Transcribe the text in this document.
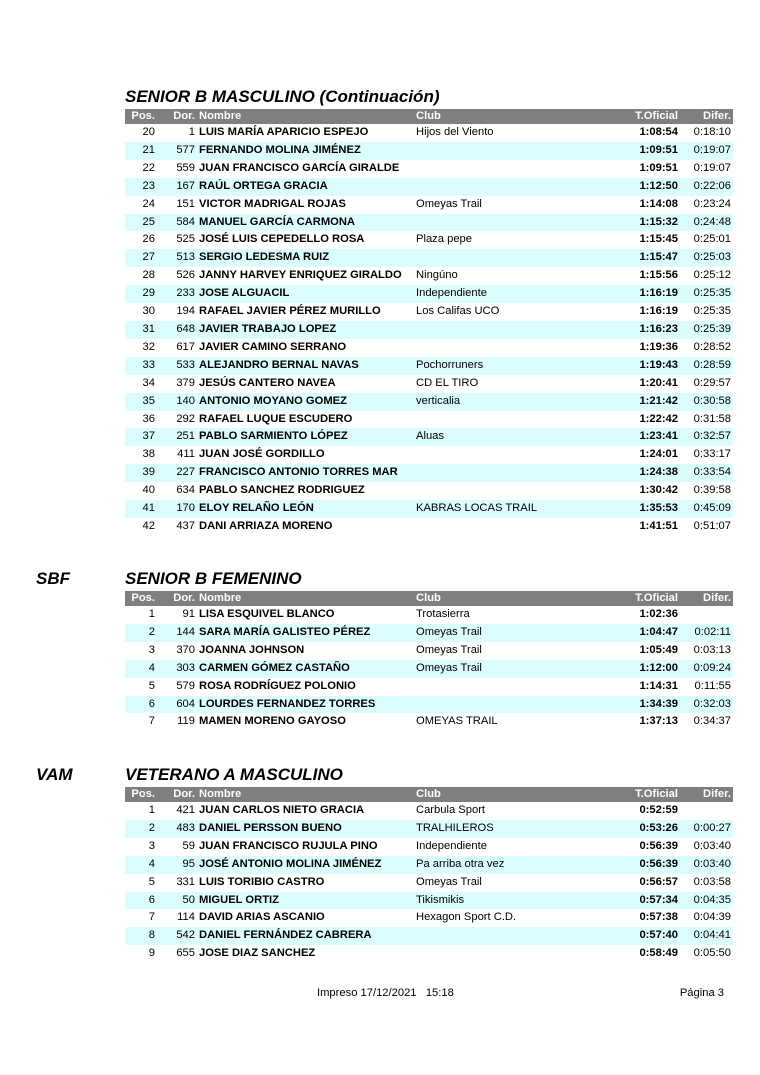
SENIOR B MASCULINO (Continuación)
Pos.	Dor.	Nombre	Club	T.Oficial	Difer.
20	1	LUIS MARÍA APARICIO ESPEJO	Hijos del Viento	1:08:54	0:18:10
21	577	FERNANDO MOLINA JIMÉNEZ		1:09:51	0:19:07
22	559	JUAN FRANCISCO GARCÍA GIRALDE		1:09:51	0:19:07
23	167	RAÚL ORTEGA GRACIA		1:12:50	0:22:06
24	151	VICTOR MADRIGAL ROJAS	Omeyas Trail	1:14:08	0:23:24
25	584	MANUEL GARCÍA CARMONA		1:15:32	0:24:48
26	525	JOSÉ LUIS CEPEDELLO ROSA	Plaza pepe	1:15:45	0:25:01
27	513	SERGIO LEDESMA RUIZ		1:15:47	0:25:03
28	526	JANNY HARVEY ENRIQUEZ GIRALDO	Ningúno	1:15:56	0:25:12
29	233	JOSE ALGUACIL	Independiente	1:16:19	0:25:35
30	194	RAFAEL JAVIER PÉREZ MURILLO	Los Califas UCO	1:16:19	0:25:35
31	648	JAVIER TRABAJO LOPEZ		1:16:23	0:25:39
32	617	JAVIER CAMINO SERRANO		1:19:36	0:28:52
33	533	ALEJANDRO BERNAL NAVAS	Pochorruners	1:19:43	0:28:59
34	379	JESÚS CANTERO NAVEA	CD EL TIRO	1:20:41	0:29:57
35	140	ANTONIO MOYANO GOMEZ	verticalia	1:21:42	0:30:58
36	292	RAFAEL LUQUE ESCUDERO		1:22:42	0:31:58
37	251	PABLO SARMIENTO LÓPEZ	Aluas	1:23:41	0:32:57
38	411	JUAN JOSÉ GORDILLO		1:24:01	0:33:17
39	227	FRANCISCO ANTONIO TORRES MAR		1:24:38	0:33:54
40	634	PABLO SANCHEZ RODRIGUEZ		1:30:42	0:39:58
41	170	ELOY RELAÑO LEÓN	KABRAS LOCAS TRAIL	1:35:53	0:45:09
42	437	DANI ARRIAZA MORENO		1:41:51	0:51:07
SBF	SENIOR B FEMENINO
Pos.	Dor.	Nombre	Club	T.Oficial	Difer.
1	91	LISA ESQUIVEL BLANCO	Trotasierra	1:02:36	
2	144	SARA MARÍA GALISTEO PÉREZ	Omeyas Trail	1:04:47	0:02:11
3	370	JOANNA JOHNSON	Omeyas Trail	1:05:49	0:03:13
4	303	CARMEN GÓMEZ CASTAÑO	Omeyas Trail	1:12:00	0:09:24
5	579	ROSA RODRÍGUEZ POLONIO		1:14:31	0:11:55
6	604	LOURDES FERNANDEZ TORRES		1:34:39	0:32:03
7	119	MAMEN MORENO GAYOSO	OMEYAS TRAIL	1:37:13	0:34:37
VAM	VETERANO A MASCULINO
Pos.	Dor.	Nombre	Club	T.Oficial	Difer.
1	421	JUAN CARLOS NIETO GRACIA	Carbula Sport	0:52:59	
2	483	DANIEL PERSSON BUENO	TRALHILEROS	0:53:26	0:00:27
3	59	JUAN FRANCISCO RUJULA PINO	Independiente	0:56:39	0:03:40
4	95	JOSÉ ANTONIO MOLINA JIMÉNEZ	Pa arriba otra vez	0:56:39	0:03:40
5	331	LUIS TORIBIO CASTRO	Omeyas Trail	0:56:57	0:03:58
6	50	MIGUEL ORTIZ	Tikismikis	0:57:34	0:04:35
7	114	DAVID ARIAS ASCANIO	Hexagon Sport C.D.	0:57:38	0:04:39
8	542	DANIEL FERNÁNDEZ CABRERA		0:57:40	0:04:41
9	655	JOSE DIAZ SANCHEZ		0:58:49	0:05:50
Impreso 17/12/2021   15:18	Página 3
